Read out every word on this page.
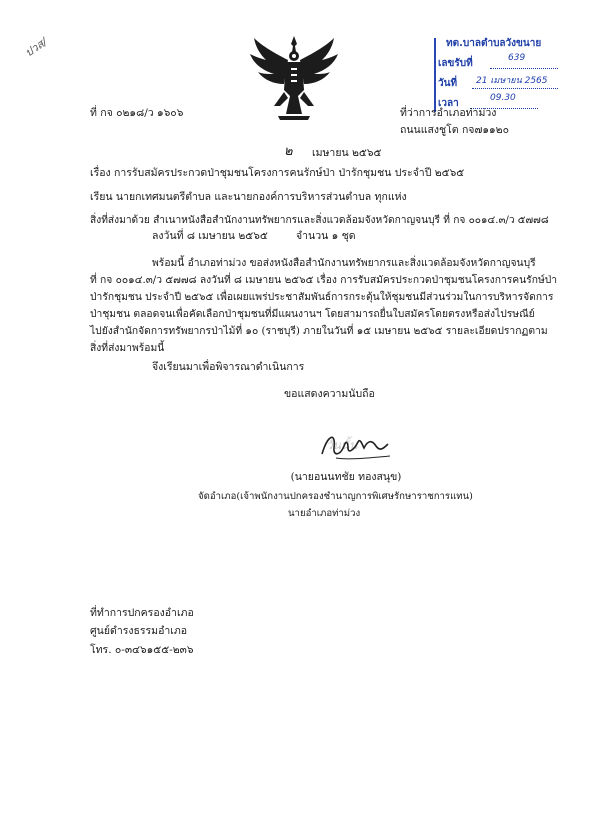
ปวส/	ทต.บาลตำบลวังขนาย
เลขรับที่	639
วันที่ 21 เมษายน 2565
เวลา	09.30
ที่ กจ ๐๒๑๘/ว ๑๖๐๖	ที่ว่าการอำเภอท่าม่วง
ถนนแสงชูโต กจ๗๑๑๒๐
๒ เมษายน ๒๕๖๕
เรื่อง การรับสมัครประกวดป่าชุมชนโครงการคนรักษ์ป่า ป่ารักชุมชน ประจำปี ๒๕๖๕
เรียน นายกเทศมนตรีตำบล และนายกองค์การบริหารส่วนตำบล ทุกแห่ง
สิ่งที่ส่งมาด้วย สำเนาหนังสือสำนักงานทรัพยากรและสิ่งแวดล้อมจังหวัดกาญจนบุรี ที่ กจ ๐๐๑๔.๓/ว ๕๗๗๘
ลงวันที่ ๘ เมษายน ๒๕๖๕	จำนวน ๑ ชุด
พร้อมนี้ อำเภอท่าม่วง ขอส่งหนังสือสำนักงานทรัพยากรและสิ่งแวดล้อมจังหวัดกาญจนบุรี
ที่ กจ ๐๐๑๔.๓/ว ๕๗๗๘ ลงวันที่ ๘ เมษายน ๒๕๖๕ เรื่อง การรับสมัครประกวดป่าชุมชนโครงการคนรักษ์ป่า
ป่ารักชุมชน ประจำปี ๒๕๖๕ เพื่อเผยแพร่ประชาสัมพันธ์การกระตุ้นให้ชุมชนมีส่วนร่วมในการบริหารจัดการ
ป่าชุมชน ตลอดจนเพื่อคัดเลือกป่าชุมชนที่มีแผนงานฯ โดยสามารถยื่นใบสมัครโดยตรงหรือส่งไปรษณีย์
ไปยังสำนักจัดการทรัพยากรป่าไม้ที่ ๑๐ (ราชบุรี) ภายในวันที่ ๑๕ เมษายน ๒๕๖๕ รายละเอียดปรากฏตาม
สิ่งที่ส่งมาพร้อมนี้
จึงเรียนมาเพื่อพิจารณาดำเนินการ
ขอแสดงความนับถือ
วันนั้น
(นายอนนทชัย ทองสนุข)
จัดอำเภอ(เจ้าพนักงานปกครองชำนาญการพิเศษรักษาราชการแทน)
นายอำเภอท่าม่วง
ที่ทำการปกครองอำเภอ
ศูนย์ดำรงธรรมอำเภอ
โทร. ๐-๓๔๖๑๕๕-๒๓๖
